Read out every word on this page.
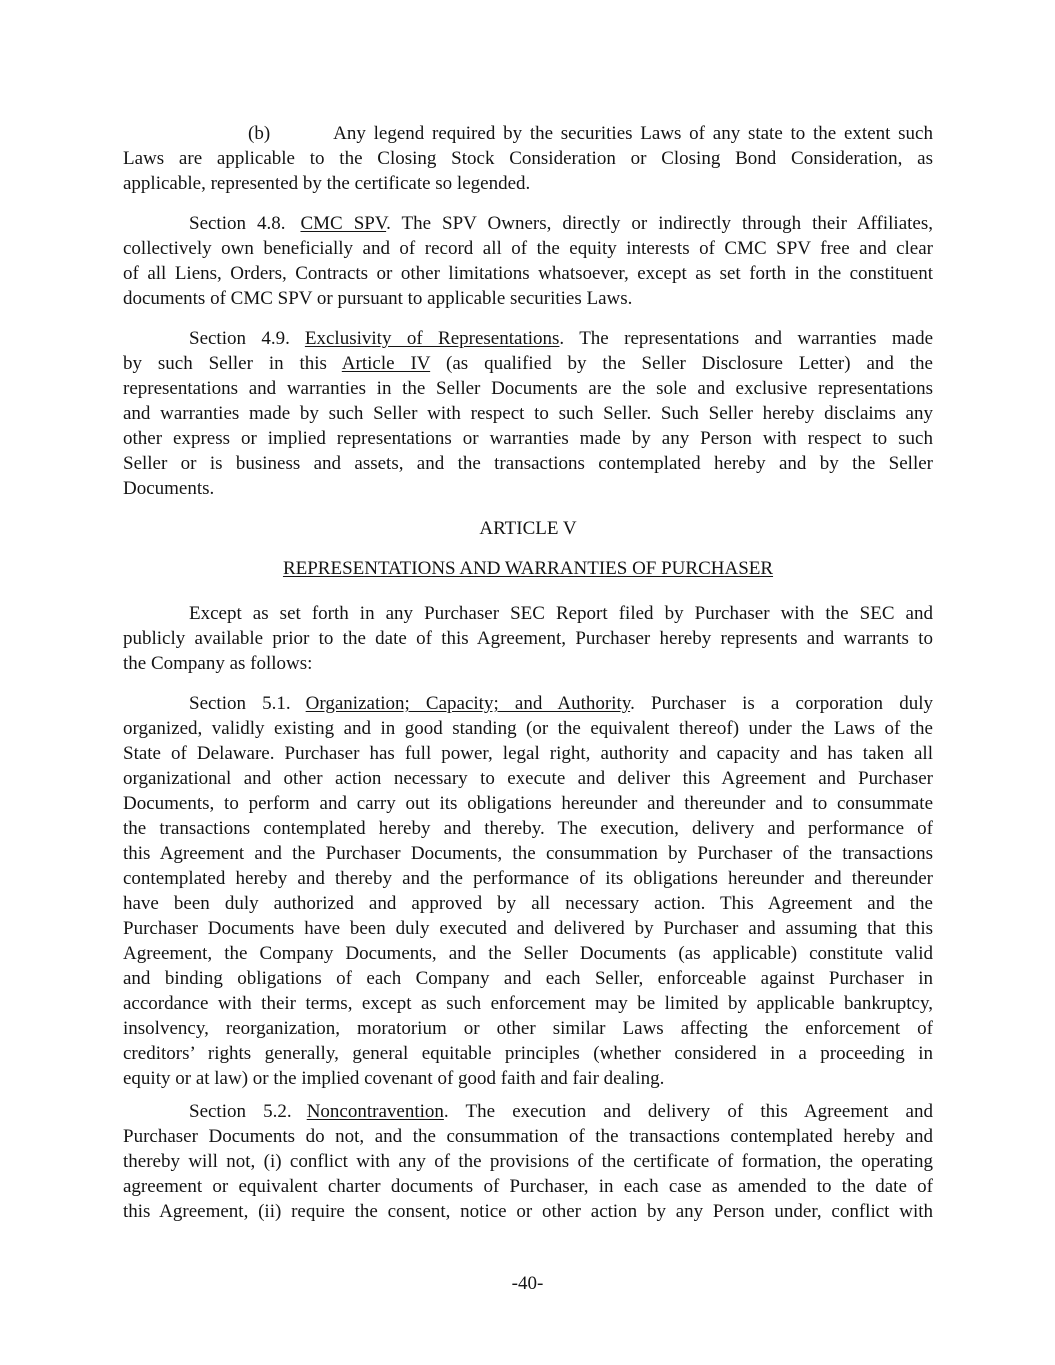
(b)	Any legend required by the securities Laws of any state to the extent such
Laws are applicable to the Closing Stock Consideration or Closing Bond Consideration, as
applicable, represented by the certificate so legended.
Section 4.8. CMC SPV. The SPV Owners, directly or indirectly through their Affiliates,
collectively own beneficially and of record all of the equity interests of CMC SPV free and clear
of all Liens, Orders, Contracts or other limitations whatsoever, except as set forth in the constituent
documents of CMC SPV or pursuant to applicable securities Laws.
Section 4.9. Exclusivity of Representations. The representations and warranties made
by such Seller in this Article IV (as qualified by the Seller Disclosure Letter) and the
representations and warranties in the Seller Documents are the sole and exclusive representations
and warranties made by such Seller with respect to such Seller. Such Seller hereby disclaims any
other express or implied representations or warranties made by any Person with respect to such
Seller or is business and assets, and the transactions contemplated hereby and by the Seller
Documents.
ARTICLE V
REPRESENTATIONS AND WARRANTIES OF PURCHASER
Except as set forth in any Purchaser SEC Report filed by Purchaser with the SEC and
publicly available prior to the date of this Agreement, Purchaser hereby represents and warrants to
the Company as follows:
Section 5.1. Organization; Capacity; and Authority. Purchaser is a corporation duly
organized, validly existing and in good standing (or the equivalent thereof) under the Laws of the
State of Delaware. Purchaser has full power, legal right, authority and capacity and has taken all
organizational and other action necessary to execute and deliver this Agreement and Purchaser
Documents, to perform and carry out its obligations hereunder and thereunder and to consummate
the transactions contemplated hereby and thereby. The execution, delivery and performance of
this Agreement and the Purchaser Documents, the consummation by Purchaser of the transactions
contemplated hereby and thereby and the performance of its obligations hereunder and thereunder
have been duly authorized and approved by all necessary action. This Agreement and the
Purchaser Documents have been duly executed and delivered by Purchaser and assuming that this
Agreement, the Company Documents, and the Seller Documents (as applicable) constitute valid
and binding obligations of each Company and each Seller, enforceable against Purchaser in
accordance with their terms, except as such enforcement may be limited by applicable bankruptcy,
insolvency, reorganization, moratorium or other similar Laws affecting the enforcement of
creditors’ rights generally, general equitable principles (whether considered in a proceeding in
equity or at law) or the implied covenant of good faith and fair dealing.
Section 5.2. Noncontravention. The execution and delivery of this Agreement and
Purchaser Documents do not, and the consummation of the transactions contemplated hereby and
thereby will not, (i) conflict with any of the provisions of the certificate of formation, the operating
agreement or equivalent charter documents of Purchaser, in each case as amended to the date of
this Agreement, (ii) require the consent, notice or other action by any Person under, conflict with
-40-
